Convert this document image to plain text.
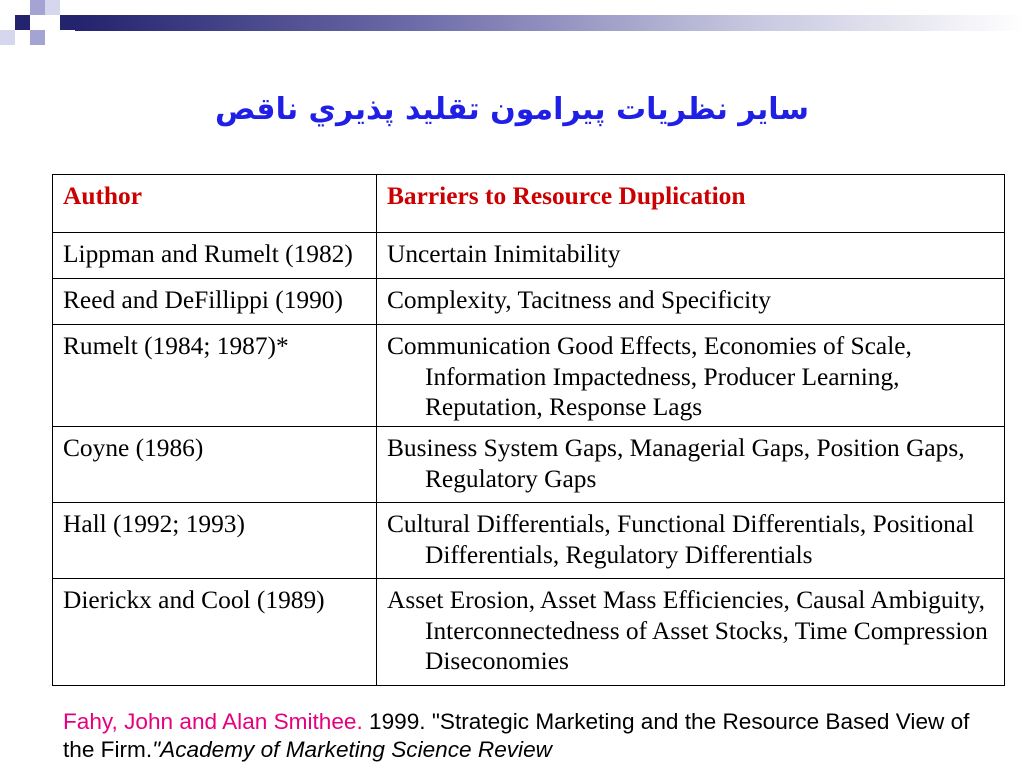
ساير نظريات پيرامون تقليد پذيري ناقص
Author	Barriers to Resource Duplication
Lippman and Rumelt (1982)	Uncertain Inimitability

Reed and DeFillippi (1990)	Complexity, Tacitness and Specificity

Rumelt (1984; 1987)*	Communication Good Effects, Economies of Scale, Information Impactedness, Producer Learning, Reputation, Response Lags

Coyne (1986)	Business System Gaps, Managerial Gaps, Position Gaps, Regulatory Gaps

Hall (1992; 1993)	Cultural Differentials, Functional Differentials, Positional Differentials, Regulatory Differentials

Dierickx and Cool (1989)	Asset Erosion, Asset Mass Efficiencies, Causal Ambiguity, Interconnectedness of Asset Stocks, Time Compression Diseconomies
Fahy, John and Alan Smithee. 1999. "Strategic Marketing and the Resource Based View of the Firm."Academy of Marketing Science Review
